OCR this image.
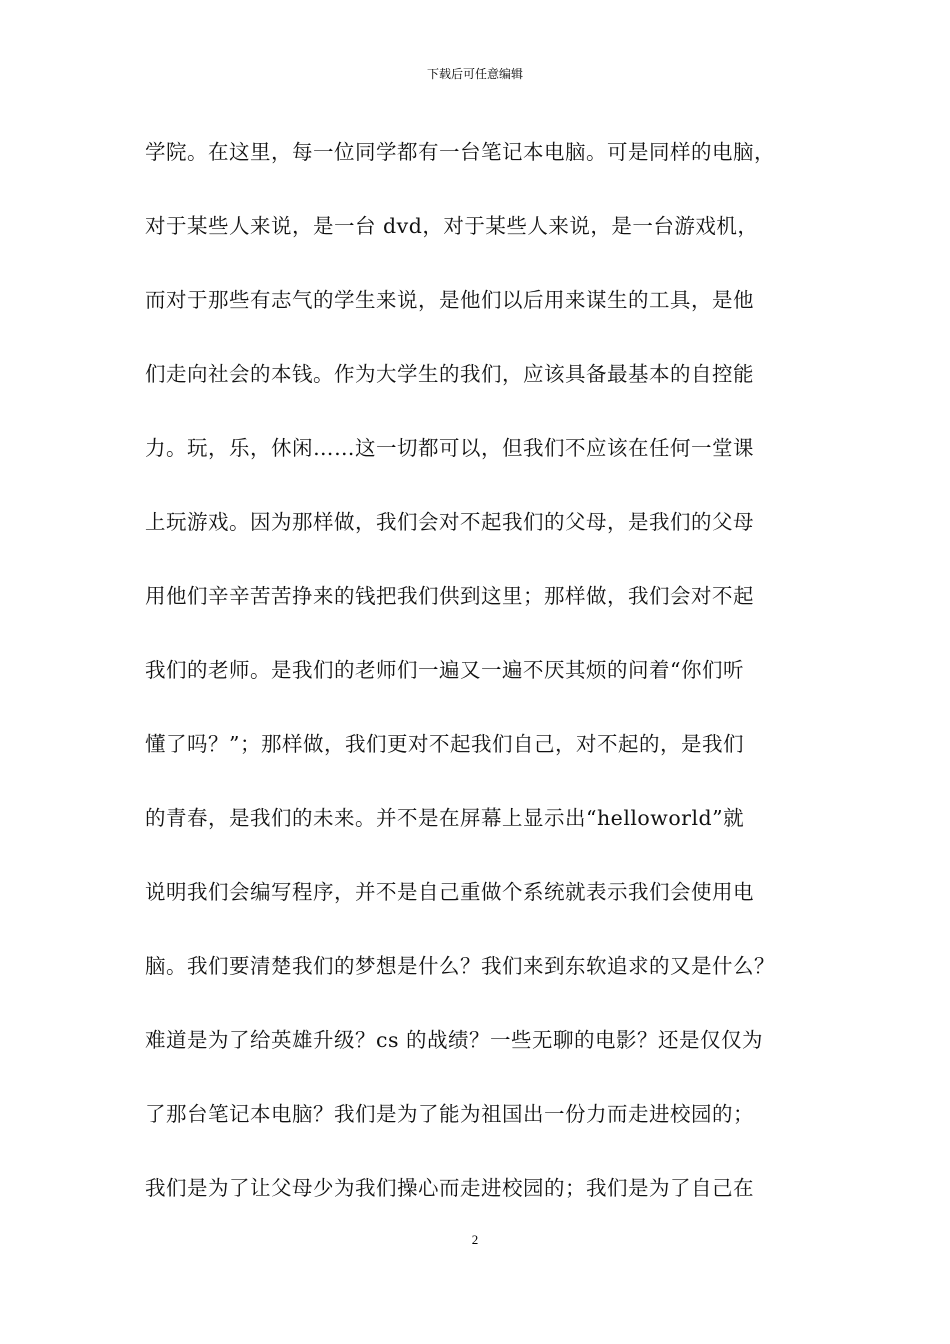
下载后可任意编辑
学院。在这里，每一位同学都有一台笔记本电脑。可是同样的电脑，
对于某些人来说，是一台 dvd，对于某些人来说，是一台游戏机，
而对于那些有志气的学生来说，是他们以后用来谋生的工具，是他
们走向社会的本钱。作为大学生的我们，应该具备最基本的自控能
力。玩，乐，休闲……这一切都可以，但我们不应该在任何一堂课
上玩游戏。因为那样做，我们会对不起我们的父母，是我们的父母
用他们辛辛苦苦挣来的钱把我们供到这里；那样做，我们会对不起
我们的老师。是我们的老师们一遍又一遍不厌其烦的问着“你们听
懂了吗？”；那样做，我们更对不起我们自己，对不起的，是我们
的青春，是我们的未来。并不是在屏幕上显示出“helloworld”就
说明我们会编写程序，并不是自己重做个系统就表示我们会使用电
脑。我们要清楚我们的梦想是什么？我们来到东软追求的又是什么？
难道是为了给英雄升级？cs 的战绩？一些无聊的电影？还是仅仅为
了那台笔记本电脑？我们是为了能为祖国出一份力而走进校园的；
我们是为了让父母少为我们操心而走进校园的；我们是为了自己在
2
